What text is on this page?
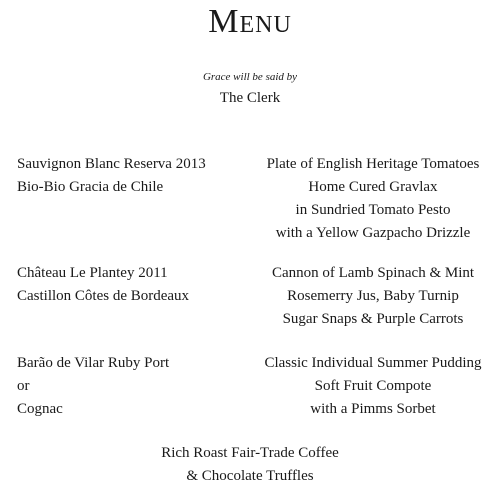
Menu
Grace will be said by
The Clerk
Sauvignon Blanc Reserva 2013
Bio-Bio Gracia de Chile
Plate of English Heritage Tomatoes
Home Cured Gravlax
in Sundried Tomato Pesto
with a Yellow Gazpacho Drizzle
Château Le Plantey 2011
Castillon Côtes de Bordeaux
Cannon of Lamb Spinach & Mint
Rosemerry Jus, Baby Turnip
Sugar Snaps & Purple Carrots
Barão de Vilar Ruby Port
or
Cognac
Classic Individual Summer Pudding
Soft Fruit Compote
with a Pimms Sorbet
Rich Roast Fair-Trade Coffee
& Chocolate Truffles
